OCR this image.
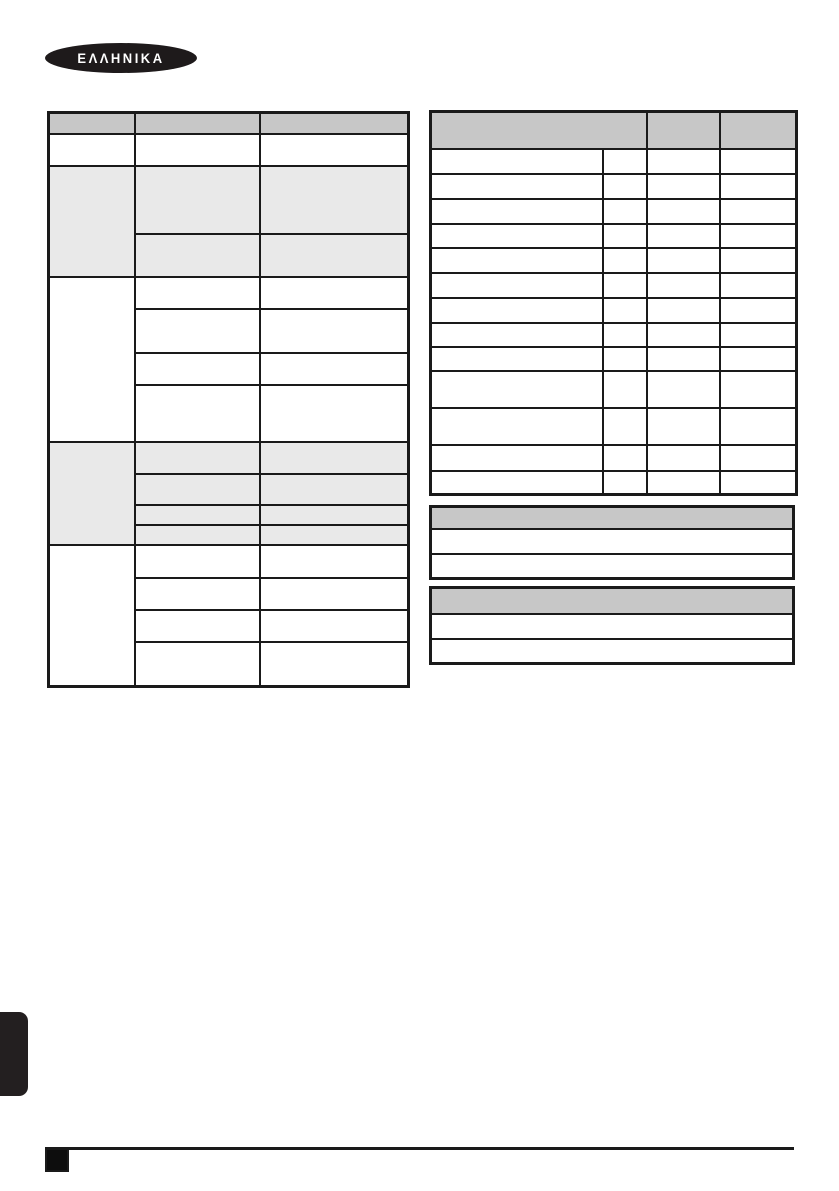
ΕΛΛΗΝΙΚΑ
